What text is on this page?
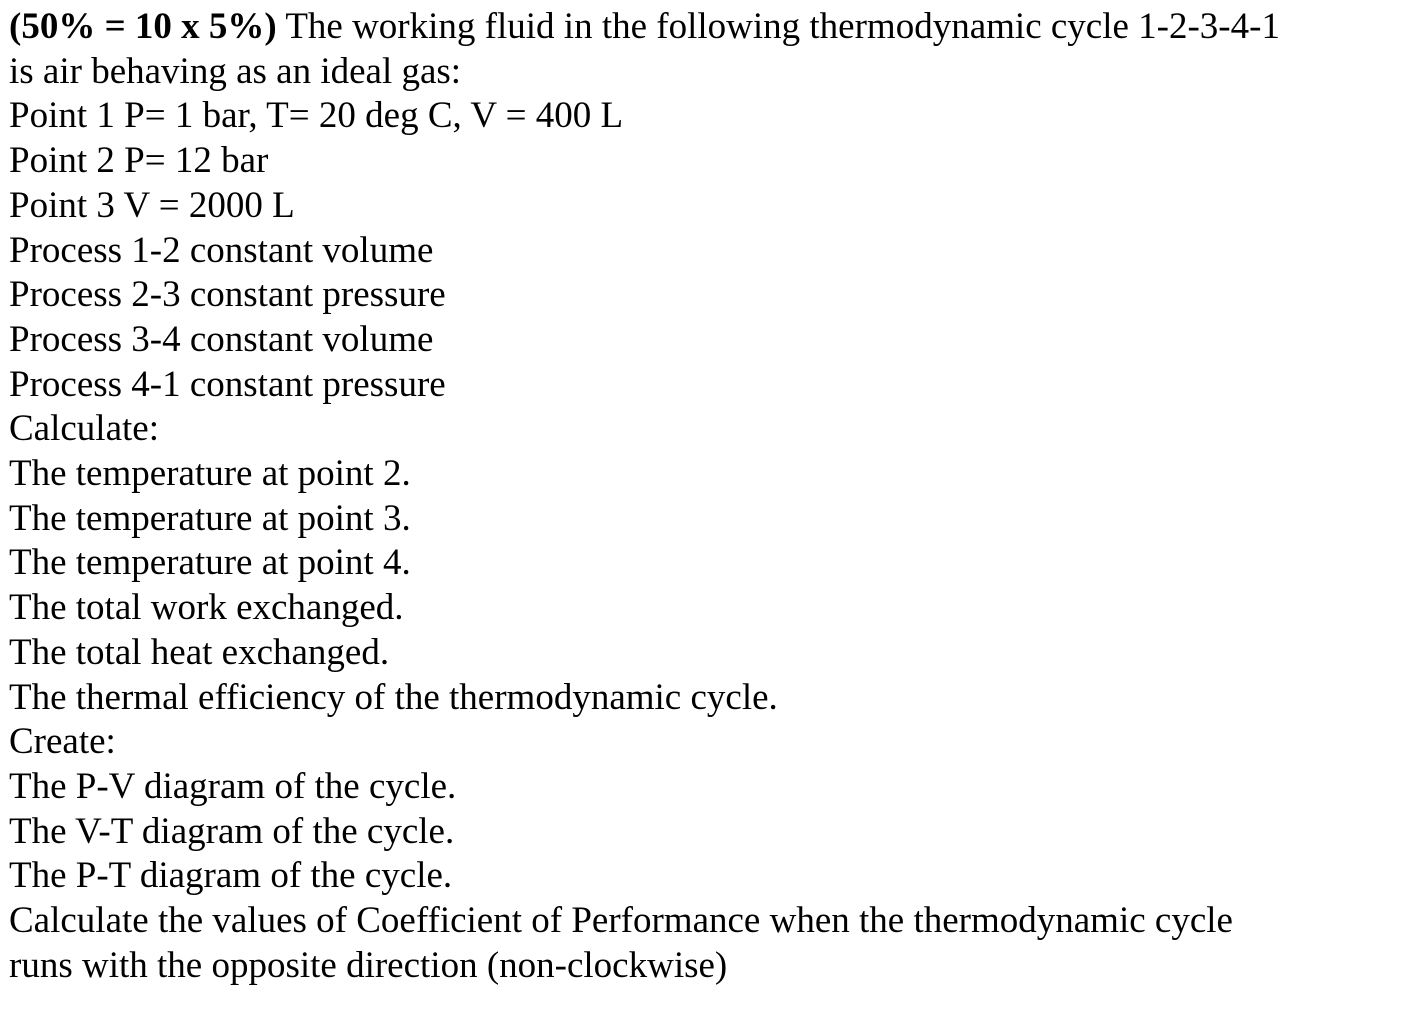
(50% = 10 x 5%) The working fluid in the following thermodynamic cycle 1-2-3-4-1
is air behaving as an ideal gas:
Point 1 P= 1 bar, T= 20 deg C, V = 400 L
Point 2 P= 12 bar
Point 3 V = 2000 L
Process 1-2 constant volume
Process 2-3 constant pressure
Process 3-4 constant volume
Process 4-1 constant pressure
Calculate:
The temperature at point 2.
The temperature at point 3.
The temperature at point 4.
The total work exchanged.
The total heat exchanged.
The thermal efficiency of the thermodynamic cycle.
Create:
The P-V diagram of the cycle.
The V-T diagram of the cycle.
The P-T diagram of the cycle.
Calculate the values of Coefficient of Performance when the thermodynamic cycle
runs with the opposite direction (non-clockwise)
